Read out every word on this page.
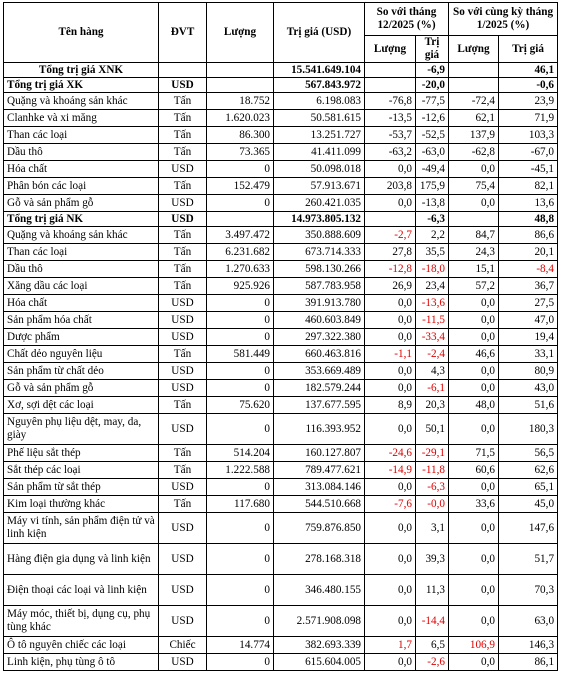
Tên hàng	ĐVT	Lượng	Trị giá (USD)	So với tháng 12/2025 (%)		So với cùng kỳ tháng 1/2025 (%)	
				Lượng	Trị giá	Lượng	Trị giá
Tổng trị giá XNK			15.541.649.104		-6,9		46,1
Tổng trị giá XK	USD		567.843.972		-20,0		-0,6
Quặng và khoáng sản khác	Tấn	18.752	6.198.083	-76,8	-77,5	-72,4	23,9
Clanhke và xi măng	Tấn	1.620.023	50.581.615	-13,5	-12,6	62,1	71,9
Than các loại	Tấn	86.300	13.251.727	-53,7	-52,5	137,9	103,3
Dầu thô	Tấn	73.365	41.411.099	-63,2	-63,0	-62,8	-67,0
Hóa chất	USD	0	50.098.018	0,0	-49,4	0,0	-45,1
Phân bón các loại	Tấn	152.479	57.913.671	203,8	175,9	75,4	82,1
Gỗ và sản phẩm gỗ	USD	0	260.421.035	0,0	-13,8	0,0	13,6
Tổng trị giá NK	USD		14.973.805.132		-6,3		48,8
Quặng và khoáng sản khác	Tấn	3.497.472	350.888.609	-2,7	2,2	84,7	86,6
Than các loại	Tấn	6.231.682	673.714.333	27,8	35,5	24,3	20,1
Dầu thô	Tấn	1.270.633	598.130.266	-12,8	-18,0	15,1	-8,4
Xăng dầu các loại	Tấn	925.926	587.783.958	26,9	23,4	57,2	36,7
Hóa chất	USD	0	391.913.780	0,0	-13,6	0,0	27,5
Sản phẩm hóa chất	USD	0	460.603.849	0,0	-11,5	0,0	47,0
Dược phẩm	USD	0	297.322.380	0,0	-33,4	0,0	19,4
Chất dẻo nguyên liệu	Tấn	581.449	660.463.816	-1,1	-2,4	46,6	33,1
Sản phẩm từ chất dẻo	USD	0	353.669.489	0,0	4,3	0,0	80,9
Gỗ và sản phẩm gỗ	USD	0	182.579.244	0,0	-6,1	0,0	43,0
Xơ, sợi dệt các loại	Tấn	75.620	137.677.595	8,9	20,3	48,0	51,6
Nguyên phụ liệu dệt, may, da, giày	USD	0	116.393.952	0,0	50,1	0,0	180,3
Phế liệu sắt thép	Tấn	514.204	160.127.807	-24,6	-29,1	71,5	56,5
Sắt thép các loại	Tấn	1.222.588	789.477.621	-14,9	-11,8	60,6	62,6
Sản phẩm từ sắt thép	USD	0	313.084.146	0,0	-6,3	0,0	65,1
Kim loại thường khác	Tấn	117.680	544.510.668	-7,6	-0,0	33,6	45,0
Máy vi tính, sản phẩm điện tử và linh kiện	USD	0	759.876.850	0,0	3,1	0,0	147,6
Hàng điện gia dụng và linh kiện	USD	0	278.168.318	0,0	39,3	0,0	51,7
Điện thoại các loại và linh kiện	USD	0	346.480.155	0,0	11,3	0,0	70,3
Máy móc, thiết bị, dụng cụ, phụ tùng khác	USD	0	2.571.908.098	0,0	-14,4	0,0	63,0
Ô tô nguyên chiếc các loại	Chiếc	14.774	382.693.339	1,7	6,5	106,9	146,3
Linh kiện, phụ tùng ô tô	USD	0	615.604.005	0,0	-2,6	0,0	86,1
